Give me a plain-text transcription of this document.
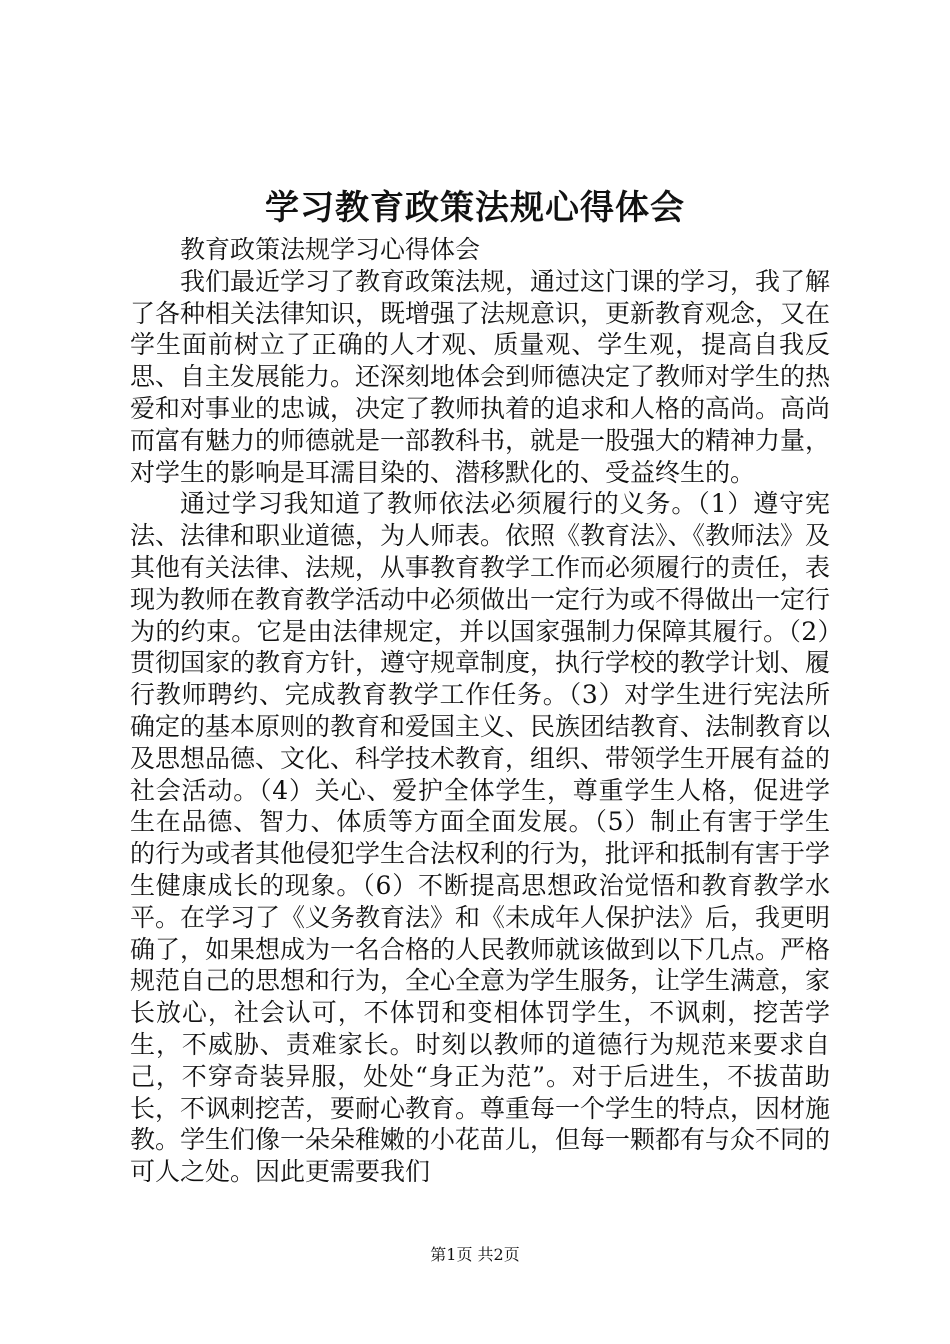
学习教育政策法规心得体会

教育政策法规学习心得体会

我们最近学习了教育政策法规，通过这门课的学习，我了解了各种相关法律知识，既增强了法规意识，更新教育观念，又在学生面前树立了正确的人才观、质量观、学生观，提高自我反思、自主发展能力。还深刻地体会到师德决定了教师对学生的热爱和对事业的忠诚，决定了教师执着的追求和人格的高尚。高尚而富有魅力的师德就是一部教科书，就是一股强大的精神力量，对学生的影响是耳濡目染的、潜移默化的、受益终生的。

通过学习我知道了教师依法必须履行的义务。（1）遵守宪法、法律和职业道德，为人师表。依照《教育法》、《教师法》及其他有关法律、法规，从事教育教学工作而必须履行的责任，表现为教师在教育教学活动中必须做出一定行为或不得做出一定行为的约束。它是由法律规定，并以国家强制力保障其履行。（2）贯彻国家的教育方针，遵守规章制度，执行学校的教学计划、履行教师聘约、完成教育教学工作任务。（3）对学生进行宪法所确定的基本原则的教育和爱国主义、民族团结教育、法制教育以及思想品德、文化、科学技术教育，组织、带领学生开展有益的社会活动。（4）关心、爱护全体学生，尊重学生人格，促进学生在品德、智力、体质等方面全面发展。（5）制止有害于学生的行为或者其他侵犯学生合法权利的行为，批评和抵制有害于学生健康成长的现象。（6）不断提高思想政治觉悟和教育教学水平。在学习了《义务教育法》和《未成年人保护法》后，我更明确了，如果想成为一名合格的人民教师就该做到以下几点。严格规范自己的思想和行为，全心全意为学生服务，让学生满意，家长放心，社会认可，不体罚和变相体罚学生，不讽刺，挖苦学生，不威胁、责难家长。时刻以教师的道德行为规范来要求自己，不穿奇装异服，处处“身正为范”。对于后进生，不拔苗助长，不讽刺挖苦，要耐心教育。尊重每一个学生的特点，因材施教。学生们像一朵朵稚嫩的小花苗儿，但每一颗都有与众不同的可人之处。因此更需要我们

第1页 共2页
